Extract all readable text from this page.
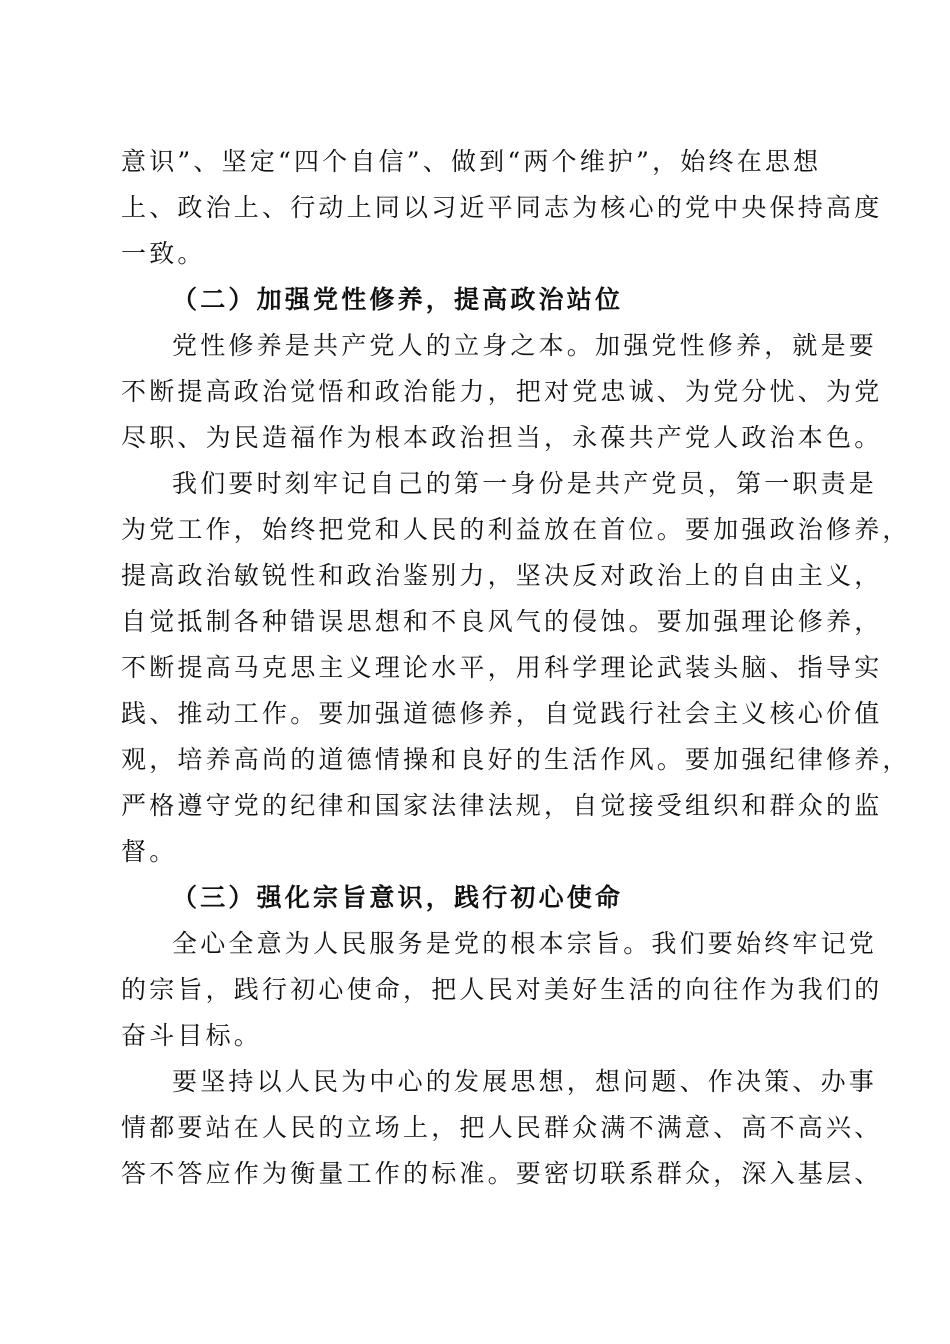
意识”、坚定“四个自信”、做到“两个维护”，始终在思想
上、政治上、行动上同以习近平同志为核心的党中央保持高度
一致。
（二）加强党性修养，提高政治站位
党性修养是共产党人的立身之本。加强党性修养，就是要
不断提高政治觉悟和政治能力，把对党忠诚、为党分忧、为党
尽职、为民造福作为根本政治担当，永葆共产党人政治本色。
我们要时刻牢记自己的第一身份是共产党员，第一职责是
为党工作，始终把党和人民的利益放在首位。要加强政治修养，
提高政治敏锐性和政治鉴别力，坚决反对政治上的自由主义，
自觉抵制各种错误思想和不良风气的侵蚀。要加强理论修养，
不断提高马克思主义理论水平，用科学理论武装头脑、指导实
践、推动工作。要加强道德修养，自觉践行社会主义核心价值
观，培养高尚的道德情操和良好的生活作风。要加强纪律修养，
严格遵守党的纪律和国家法律法规，自觉接受组织和群众的监
督。
（三）强化宗旨意识，践行初心使命
全心全意为人民服务是党的根本宗旨。我们要始终牢记党
的宗旨，践行初心使命，把人民对美好生活的向往作为我们的
奋斗目标。
要坚持以人民为中心的发展思想，想问题、作决策、办事
情都要站在人民的立场上，把人民群众满不满意、高不高兴、
答不答应作为衡量工作的标准。要密切联系群众，深入基层、
